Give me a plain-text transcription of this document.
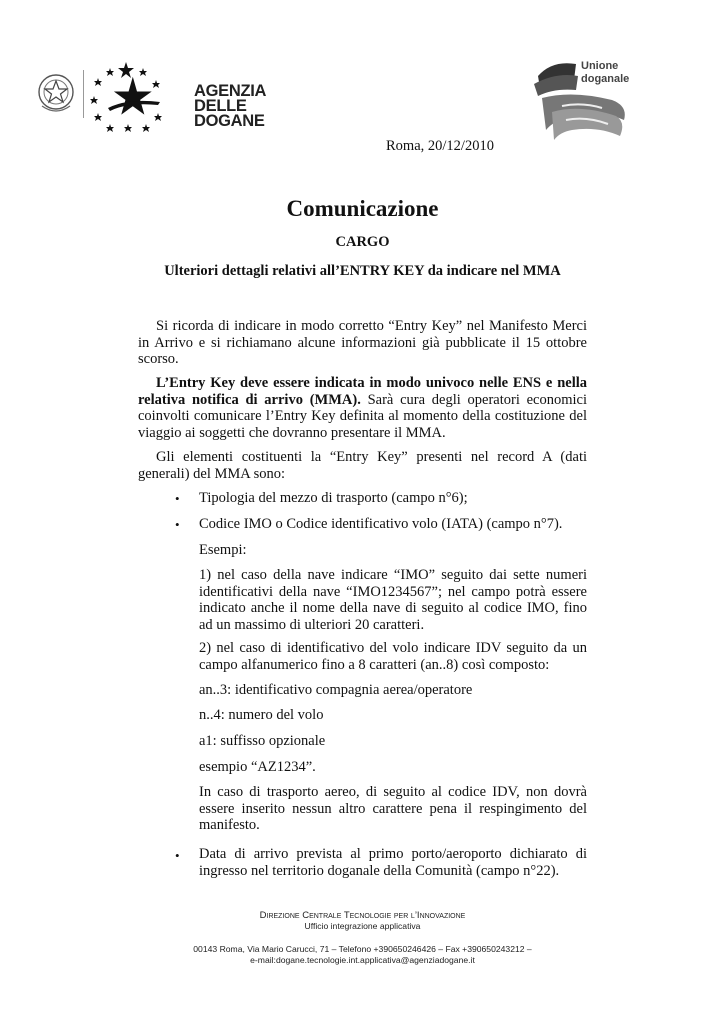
AGENZIA
DELLE
DOGANE
Unione
doganale
Roma, 20/12/2010
Comunicazione
CARGO
Ulteriori dettagli relativi all’ENTRY KEY da indicare nel MMA

Si ricorda di indicare in modo corretto “Entry Key” nel Manifesto Merci in Arrivo e si richiamano alcune informazioni già pubblicate il 15 ottobre scorso.

L’Entry Key deve essere indicata in modo univoco nelle ENS e nella relativa notifica di arrivo (MMA). Sarà cura degli operatori economici coinvolti comunicare l’Entry Key definita al momento della costituzione del viaggio ai soggetti che dovranno presentare il MMA.

Gli elementi costituenti la “Entry Key” presenti nel record A (dati generali) del MMA sono:

• Tipologia del mezzo di trasporto (campo n°6);

• Codice IMO o Codice identificativo volo (IATA) (campo n°7).

Esempi:

1) nel caso della nave indicare “IMO” seguito dai sette numeri identificativi della nave “IMO1234567”; nel campo potrà essere indicato anche il nome della nave di seguito al codice IMO, fino ad un massimo di ulteriori 20 caratteri.

2) nel caso di identificativo del volo indicare IDV seguito da un campo alfanumerico fino a 8 caratteri (an..8) così composto:

an..3: identificativo compagnia aerea/operatore

n..4: numero del volo

a1: suffisso opzionale

esempio “AZ1234”.

In caso di trasporto aereo, di seguito al codice IDV, non dovrà essere inserito nessun altro carattere pena il respingimento del manifesto.

• Data di arrivo prevista al primo porto/aeroporto dichiarato di ingresso nel territorio doganale della Comunità (campo n°22).

Direzione Centrale Tecnologie per l’Innovazione
Ufficio integrazione applicativa
00143 Roma, Via Mario Carucci, 71 – Telefono +390650246426 – Fax +390650243212 –
e-mail:dogane.tecnologie.int.applicativa@agenziadogane.it
